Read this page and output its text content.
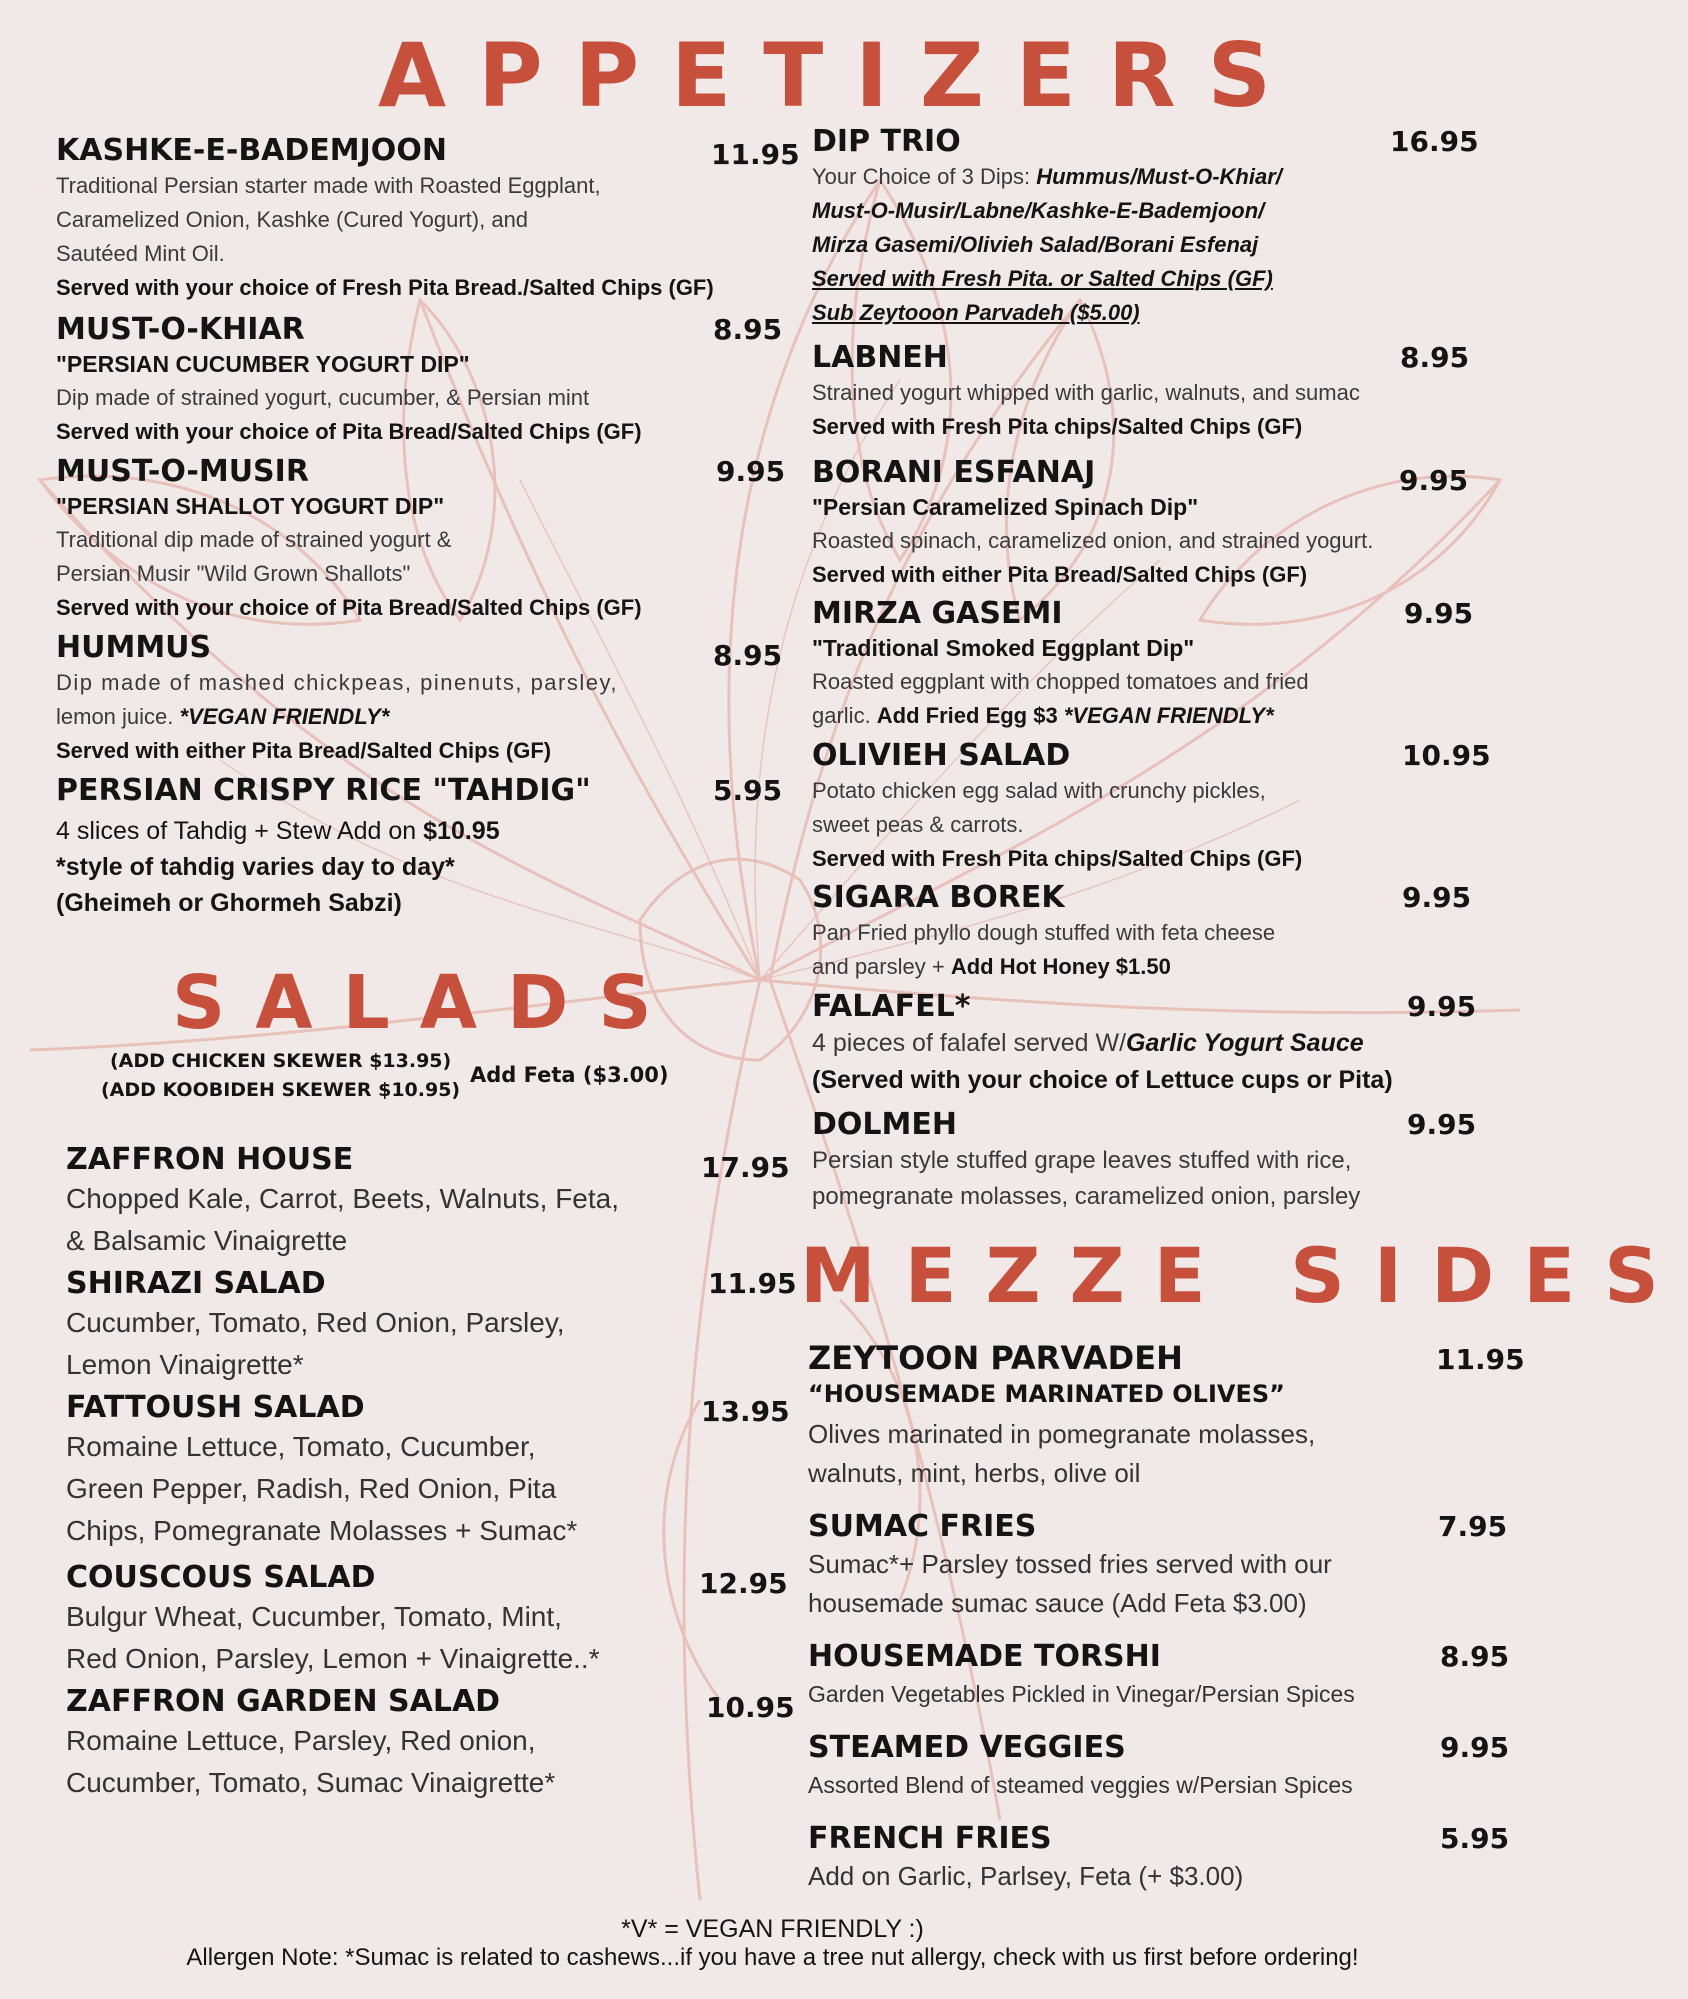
APPETIZERS
KASHKE-E-BADEMJOON	11.95
Traditional Persian starter made with Roasted Eggplant,
Caramelized Onion, Kashke (Cured Yogurt), and
Sautéed Mint Oil.
Served with your choice of Fresh Pita Bread./Salted Chips (GF)
MUST-O-KHIAR	8.95
"PERSIAN CUCUMBER YOGURT DIP"
Dip made of strained yogurt, cucumber, & Persian mint
Served with your choice of Pita Bread/Salted Chips (GF)
MUST-O-MUSIR	9.95
"PERSIAN SHALLOT YOGURT DIP"
Traditional dip made of strained yogurt &
Persian Musir "Wild Grown Shallots"
Served with your choice of Pita Bread/Salted Chips (GF)
HUMMUS	8.95
Dip made of mashed chickpeas, pinenuts, parsley,
lemon juice. *VEGAN FRIENDLY*
Served with either Pita Bread/Salted Chips (GF)
PERSIAN CRISPY RICE "TAHDIG"	5.95
4 slices of Tahdig + Stew Add on $10.95
*style of tahdig varies day to day*
(Gheimeh or Ghormeh Sabzi)
DIP TRIO	16.95
Your Choice of 3 Dips: Hummus/Must-O-Khiar/
Must-O-Musir/Labne/Kashke-E-Bademjoon/
Mirza Gasemi/Olivieh Salad/Borani Esfenaj
Served with Fresh Pita. or Salted Chips (GF)
Sub Zeytooon Parvadeh ($5.00)
LABNEH	8.95
Strained yogurt whipped with garlic, walnuts, and sumac
Served with Fresh Pita chips/Salted Chips (GF)
BORANI ESFANAJ	9.95
"Persian Caramelized Spinach Dip"
Roasted spinach, caramelized onion, and strained yogurt.
Served with either Pita Bread/Salted Chips (GF)
MIRZA GASEMI	9.95
"Traditional Smoked Eggplant Dip"
Roasted eggplant with chopped tomatoes and fried
garlic. Add Fried Egg $3 *VEGAN FRIENDLY*
OLIVIEH SALAD	10.95
Potato chicken egg salad with crunchy pickles,
sweet peas & carrots.
Served with Fresh Pita chips/Salted Chips (GF)
SIGARA BOREK	9.95
Pan Fried phyllo dough stuffed with feta cheese
and parsley + Add Hot Honey $1.50
FALAFEL*	9.95
4 pieces of falafel served W/Garlic Yogurt Sauce
(Served with your choice of Lettuce cups or Pita)
DOLMEH	9.95
Persian style stuffed grape leaves stuffed with rice,
pomegranate molasses, caramelized onion, parsley
SALADS
(ADD CHICKEN SKEWER $13.95)
(ADD KOOBIDEH SKEWER $10.95)
Add Feta ($3.00)
ZAFFRON HOUSE	17.95
Chopped Kale, Carrot, Beets, Walnuts, Feta,
& Balsamic Vinaigrette
SHIRAZI SALAD	11.95
Cucumber, Tomato, Red Onion, Parsley,
Lemon Vinaigrette*
FATTOUSH SALAD	13.95
Romaine Lettuce, Tomato, Cucumber,
Green Pepper, Radish, Red Onion, Pita
Chips, Pomegranate Molasses + Sumac*
COUSCOUS SALAD	12.95
Bulgur Wheat, Cucumber, Tomato, Mint,
Red Onion, Parsley, Lemon + Vinaigrette..*
ZAFFRON GARDEN SALAD	10.95
Romaine Lettuce, Parsley, Red onion,
Cucumber, Tomato, Sumac Vinaigrette*
MEZZE SIDES
ZEYTOON PARVADEH	11.95
“HOUSEMADE MARINATED OLIVES”
Olives marinated in pomegranate molasses,
walnuts, mint, herbs, olive oil
SUMAC FRIES	7.95
Sumac*+ Parsley tossed fries served with our
housemade sumac sauce (Add Feta $3.00)
HOUSEMADE TORSHI	8.95
Garden Vegetables Pickled in Vinegar/Persian Spices
STEAMED VEGGIES	9.95
Assorted Blend of steamed veggies w/Persian Spices
FRENCH FRIES	5.95
Add on Garlic, Parlsey, Feta (+ $3.00)
*V* = VEGAN FRIENDLY :)
Allergen Note: *Sumac is related to cashews...if you have a tree nut allergy, check with us first before ordering!
